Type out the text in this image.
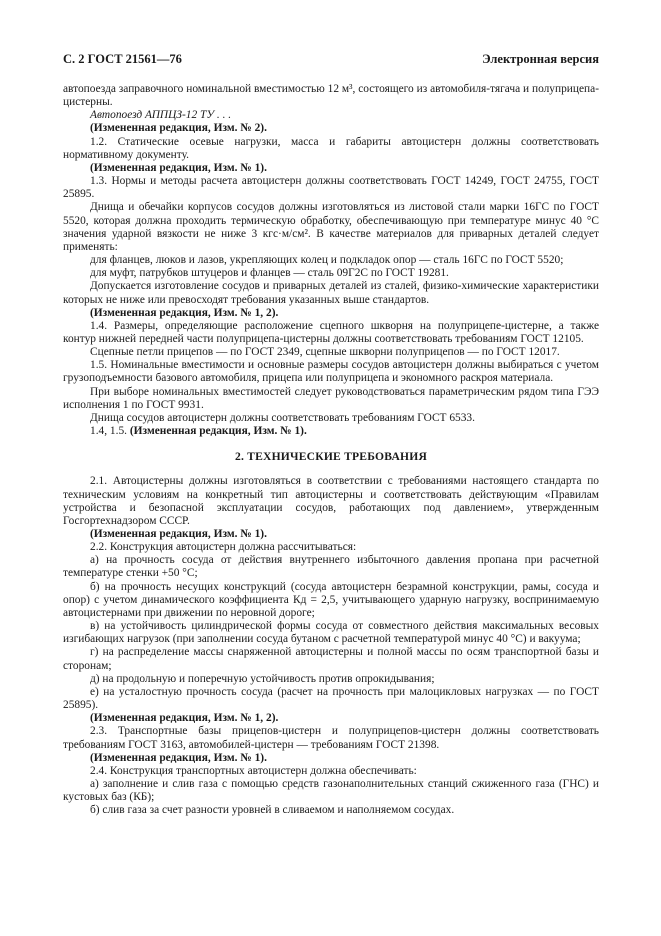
С. 2 ГОСТ 21561—76	Электронная версия

автопоезда заправочного номинальной вместимостью 12 м³, состоящего из автомобиля-тягача и полуприцепа-цистерны.

Автопоезд АППЦЗ-12 ТУ . . .

(Измененная редакция, Изм. № 2).

1.2. Статические осевые нагрузки, масса и габариты автоцистерн должны соответствовать нормативному документу.

(Измененная редакция, Изм. № 1).

1.3. Нормы и методы расчета автоцистерн должны соответствовать ГОСТ 14249, ГОСТ 24755, ГОСТ 25895.

Днища и обечайки корпусов сосудов должны изготовляться из листовой стали марки 16ГС по ГОСТ 5520, которая должна проходить термическую обработку, обеспечивающую при температуре минус 40 °С значения ударной вязкости не ниже 3 кгс·м/см². В качестве материалов для приварных деталей следует применять:

для фланцев, люков и лазов, укрепляющих колец и подкладок опор — сталь 16ГС по ГОСТ 5520;

для муфт, патрубков штуцеров и фланцев — сталь 09Г2С по ГОСТ 19281.

Допускается изготовление сосудов и приварных деталей из сталей, физико-химические характеристики которых не ниже или превосходят требования указанных выше стандартов.

(Измененная редакция, Изм. № 1, 2).

1.4. Размеры, определяющие расположение сцепного шкворня на полуприцепе-цистерне, а также контур нижней передней части полуприцепа-цистерны должны соответствовать требованиям ГОСТ 12105.

Сцепные петли прицепов — по ГОСТ 2349, сцепные шкворни полуприцепов — по ГОСТ 12017.

1.5. Номинальные вместимости и основные размеры сосудов автоцистерн должны выбираться с учетом грузоподъемности базового автомобиля, прицепа или полуприцепа и экономного раскроя материала.

При выборе номинальных вместимостей следует руководствоваться параметрическим рядом типа ГЭЭ исполнения 1 по ГОСТ 9931.

Днища сосудов автоцистерн должны соответствовать требованиям ГОСТ 6533.

1.4, 1.5. (Измененная редакция, Изм. № 1).

2. ТЕХНИЧЕСКИЕ ТРЕБОВАНИЯ

2.1. Автоцистерны должны изготовляться в соответствии с требованиями настоящего стандарта по техническим условиям на конкретный тип автоцистерны и соответствовать действующим «Правилам устройства и безопасной эксплуатации сосудов, работающих под давлением», утвержденным Госгортехнадзором СССР.

(Измененная редакция, Изм. № 1).

2.2. Конструкция автоцистерн должна рассчитываться:

а) на прочность сосуда от действия внутреннего избыточного давления пропана при расчетной температуре стенки +50 °С;

б) на прочность несущих конструкций (сосуда автоцистерн безрамной конструкции, рамы, сосуда и опор) с учетом динамического коэффициента Кд = 2,5, учитывающего ударную нагрузку, воспринимаемую автоцистернами при движении по неровной дороге;

в) на устойчивость цилиндрической формы сосуда от совместного действия максимальных весовых изгибающих нагрузок (при заполнении сосуда бутаном с расчетной температурой минус 40 °С) и вакуума;

г) на распределение массы снаряженной автоцистерны и полной массы по осям транспортной базы и сторонам;

д) на продольную и поперечную устойчивость против опрокидывания;

е) на усталостную прочность сосуда (расчет на прочность при малоцикловых нагрузках — по ГОСТ 25895).

(Измененная редакция, Изм. № 1, 2).

2.3. Транспортные базы прицепов-цистерн и полуприцепов-цистерн должны соответствовать требованиям ГОСТ 3163, автомобилей-цистерн — требованиям ГОСТ 21398.

(Измененная редакция, Изм. № 1).

2.4. Конструкция транспортных автоцистерн должна обеспечивать:

а) заполнение и слив газа с помощью средств газонаполнительных станций сжиженного газа (ГНС) и кустовых баз (КБ);

б) слив газа за счет разности уровней в сливаемом и наполняемом сосудах.
